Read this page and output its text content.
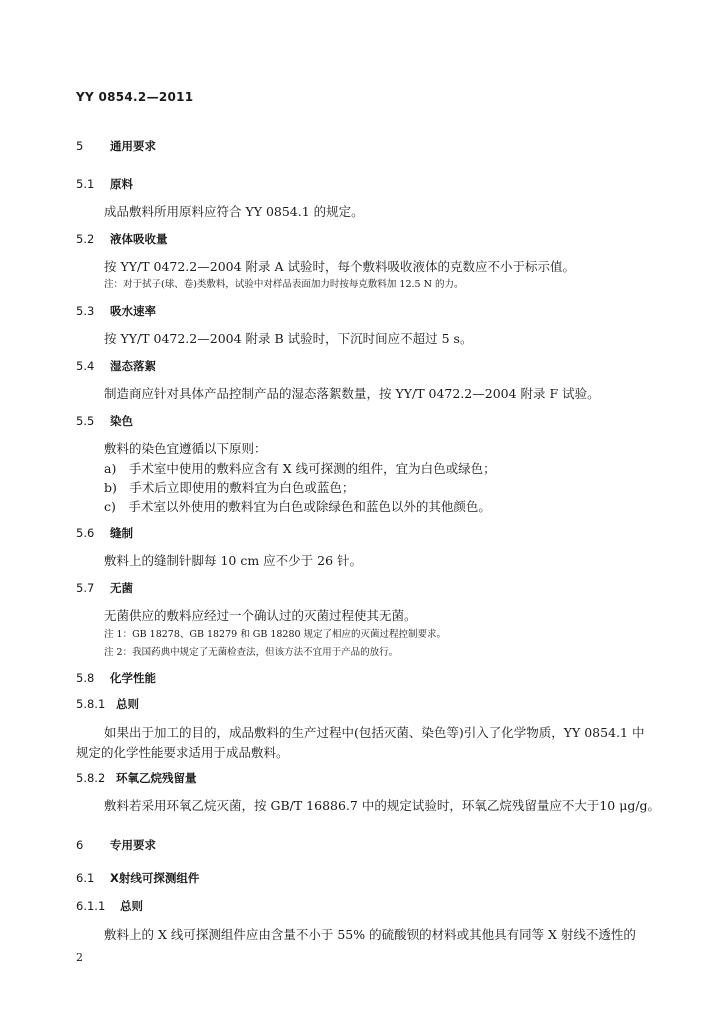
YY 0854.2—2011
5 通用要求
5.1 原料
成品敷料所用原料应符合 YY 0854.1 的规定。
5.2 液体吸收量
按 YY/T 0472.2—2004 附录 A 试验时，每个敷料吸收液体的克数应不小于标示值。
注：对于拭子(球、卷)类敷料，试验中对样品表面加力时按每克敷料加 12.5 N 的力。
5.3 吸水速率
按 YY/T 0472.2—2004 附录 B 试验时，下沉时间应不超过 5 s。
5.4 湿态落絮
制造商应针对具体产品控制产品的湿态落絮数量，按 YY/T 0472.2—2004 附录 F 试验。
5.5 染色
敷料的染色宜遵循以下原则：
a)　手术室中使用的敷料应含有 X 线可探测的组件，宜为白色或绿色；
b)　手术后立即使用的敷料宜为白色或蓝色；
c)　手术室以外使用的敷料宜为白色或除绿色和蓝色以外的其他颜色。
5.6 缝制
敷料上的缝制针脚每 10 cm 应不少于 26 针。
5.7 无菌
无菌供应的敷料应经过一个确认过的灭菌过程使其无菌。
注 1：GB 18278、GB 18279 和 GB 18280 规定了相应的灭菌过程控制要求。
注 2：我国药典中规定了无菌检查法，但该方法不宜用于产品的放行。
5.8 化学性能
5.8.1 总则
如果出于加工的目的，成品敷料的生产过程中(包括灭菌、染色等)引入了化学物质，YY 0854.1 中
规定的化学性能要求适用于成品敷料。
5.8.2 环氧乙烷残留量
敷料若采用环氧乙烷灭菌，按 GB/T 16886.7 中的规定试验时，环氧乙烷残留量应不大于10 μg/g。
6 专用要求
6.1 X射线可探测组件
6.1.1 总则
敷料上的 X 线可探测组件应由含量不小于 55% 的硫酸钡的材料或其他具有同等 X 射线不透性的
2
